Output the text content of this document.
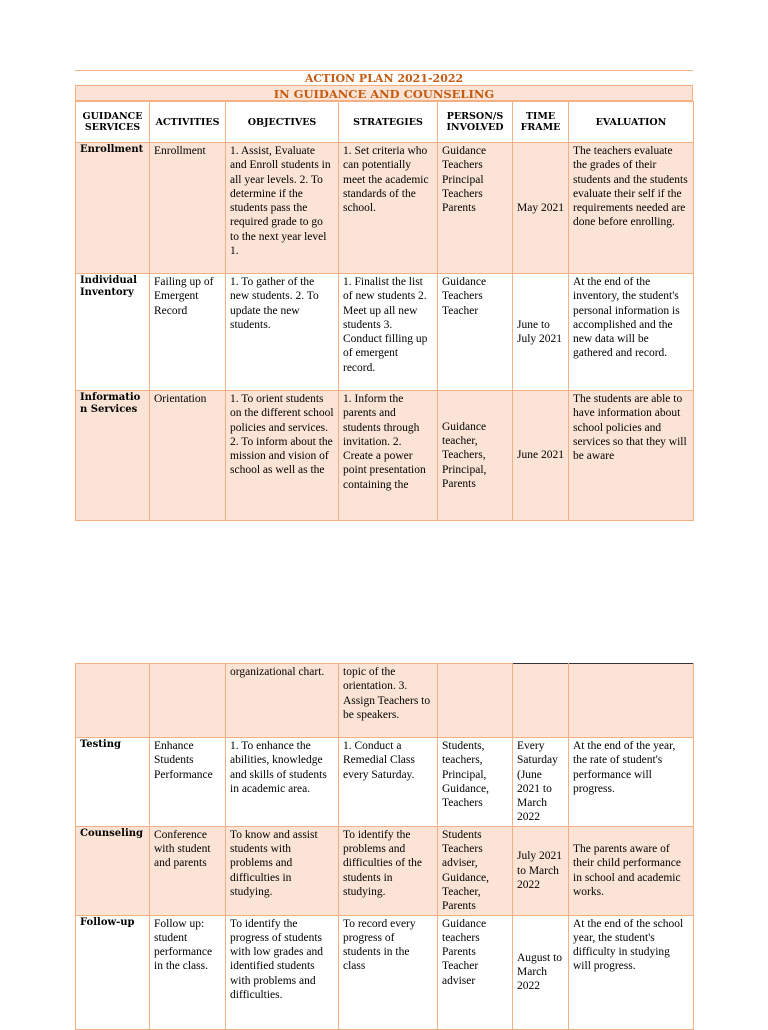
ACTION PLAN 2021-2022
IN GUIDANCE AND COUNSELING
GUIDANCE SERVICES	ACTIVITIES	OBJECTIVES	STRATEGIES	PERSON/S INVOLVED	TIME FRAME	EVALUATION
Enrollment	Enrollment	1. Assist, Evaluate and Enroll students in all year levels. 2. To determine if the students pass the required grade to go to the next year level 1.	1. Set criteria who can potentially meet the academic standards of the school.	Guidance Teachers Principal Teachers Parents	May 2021	The teachers evaluate the grades of their students and the students evaluate their self if the requirements needed are done before enrolling.
Individual Inventory	Failing up of Emergent Record	1. To gather of the new students. 2. To update the new students.	1. Finalist the list of new students 2. Meet up all new students 3. Conduct filling up of emergent record.	Guidance Teachers Teacher	June to July 2021	At the end of the inventory, the student's personal information is accomplished and the new data will be gathered and record.
Information Services	Orientation	1. To orient students on the different school policies and services. 2. To inform about the mission and vision of school as well as the	1. Inform the parents and students through invitation. 2. Create a power point presentation containing the	Guidance teacher, Teachers, Principal, Parents	June 2021	The students are able to have information about school policies and services so that they will be aware
		organizational chart.	topic of the orientation. 3. Assign Teachers to be speakers.			
Testing	Enhance Students Performance	1. To enhance the abilities, knowledge and skills of students in academic area.	1. Conduct a Remedial Class every Saturday.	Students, teachers, Principal, Guidance, Teachers	Every Saturday (June 2021 to March 2022	At the end of the year, the rate of student's performance will progress.
Counseling	Conference with student and parents	To know and assist students with problems and difficulties in studying.	To identify the problems and difficulties of the students in studying.	Students Teachers adviser, Guidance, Teacher, Parents	July 2021 to March 2022	The parents aware of their child performance in school and academic works.
Follow-up	Follow up: student performance in the class.	To identify the progress of students with low grades and identified students with problems and difficulties.	To record every progress of students in the class	Guidance teachers Parents Teacher adviser	August to March 2022	At the end of the school year, the student's difficulty in studying will progress.
